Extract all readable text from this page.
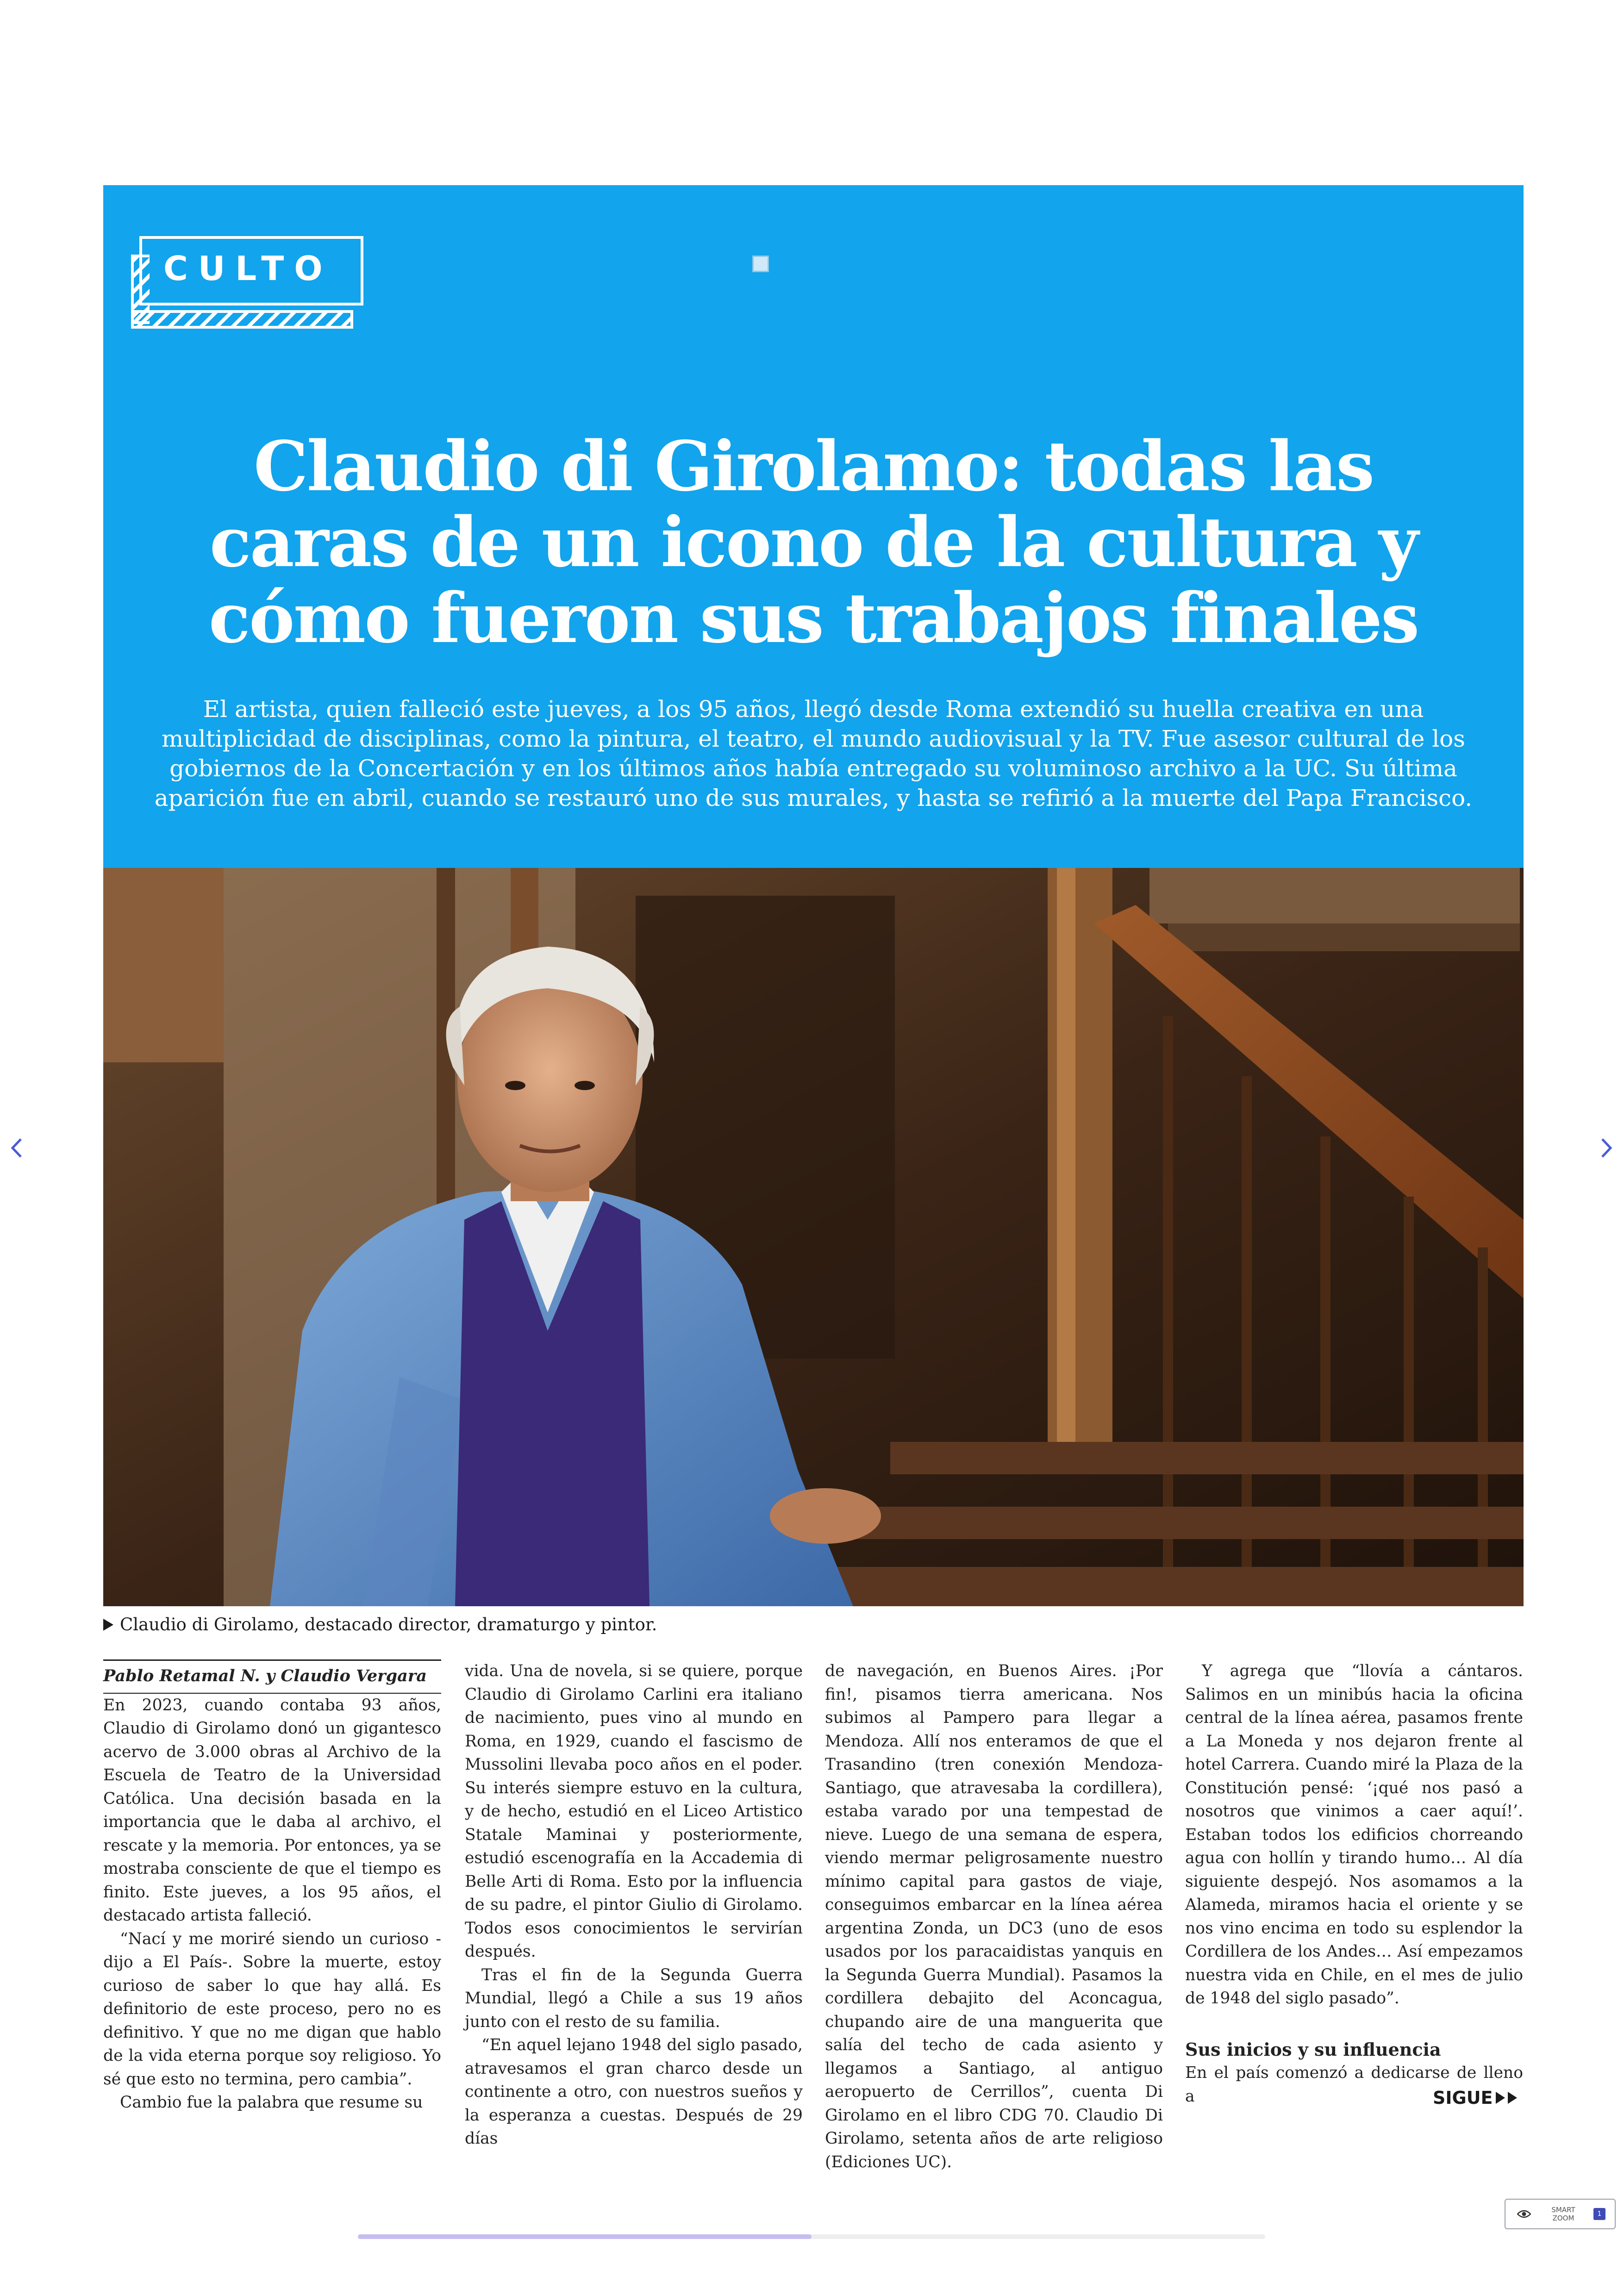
CULTO
Claudio di Girolamo: todas las caras de un icono de la cultura y cómo fueron sus trabajos finales

El artista, quien falleció este jueves, a los 95 años, llegó desde Roma extendió su huella creativa en una multiplicidad de disciplinas, como la pintura, el teatro, el mundo audiovisual y la TV. Fue asesor cultural de los gobiernos de la Concertación y en los últimos años había entregado su voluminoso archivo a la UC. Su última aparición fue en abril, cuando se restauró uno de sus murales, y hasta se refirió a la muerte del Papa Francisco.

Claudio di Girolamo, destacado director, dramaturgo y pintor.

Pablo Retamal N. y Claudio Vergara

En 2023, cuando contaba 93 años, Claudio di Girolamo donó un gigantesco acervo de 3.000 obras al Archivo de la Escuela de Teatro de la Universidad Católica. Una decisión basada en la importancia que le daba al archivo, el rescate y la memoria. Por entonces, ya se mostraba consciente de que el tiempo es finito. Este jueves, a los 95 años, el destacado artista falleció.

“Nací y me moriré siendo un curioso -dijo a El País-. Sobre la muerte, estoy curioso de saber lo que hay allá. Es definitorio de este proceso, pero no es definitivo. Y que no me digan que hablo de la vida eterna porque soy religioso. Yo sé que esto no termina, pero cambia”.

Cambio fue la palabra que resume su

vida. Una de novela, si se quiere, porque Claudio di Girolamo Carlini era italiano de nacimiento, pues vino al mundo en Roma, en 1929, cuando el fascismo de Mussolini llevaba poco años en el poder. Su interés siempre estuvo en la cultura, y de hecho, estudió en el Liceo Artistico Statale Maminai y posteriormente, estudió escenografía en la Accademia di Belle Arti di Roma. Esto por la influencia de su padre, el pintor Giulio di Girolamo. Todos esos conocimientos le servirían después.

Tras el fin de la Segunda Guerra Mundial, llegó a Chile a sus 19 años junto con el resto de su familia.

“En aquel lejano 1948 del siglo pasado, atravesamos el gran charco desde un continente a otro, con nuestros sueños y la esperanza a cuestas. Después de 29 días

de navegación, en Buenos Aires. ¡Por fin!, pisamos tierra americana. Nos subimos al Pampero para llegar a Mendoza. Allí nos enteramos de que el Trasandino (tren conexión Mendoza-Santiago, que atravesaba la cordillera), estaba varado por una tempestad de nieve. Luego de una semana de espera, viendo mermar peligrosamente nuestro mínimo capital para gastos de viaje, conseguimos embarcar en la línea aérea argentina Zonda, un DC3 (uno de esos usados por los paracaidistas yanquis en la Segunda Guerra Mundial). Pasamos la cordillera debajito del Aconcagua, chupando aire de una manguerita que salía del techo de cada asiento y llegamos a Santiago, al antiguo aeropuerto de Cerrillos”, cuenta Di Girolamo en el libro CDG 70. Claudio Di Girolamo, setenta años de arte religioso (Ediciones UC).

Y agrega que “llovía a cántaros. Salimos en un minibús hacia la oficina central de la línea aérea, pasamos frente a La Moneda y nos dejaron frente al hotel Carrera. Cuando miré la Plaza de la Constitución pensé: ‘¡qué nos pasó a nosotros que vinimos a caer aquí!’. Estaban todos los edificios chorreando agua con hollín y tirando humo… Al día siguiente despejó. Nos asomamos a la Alameda, miramos hacia el oriente y se nos vino encima en todo su esplendor la Cordillera de los Andes… Así empezamos nuestra vida en Chile, en el mes de julio de 1948 del siglo pasado”.

Sus inicios y su influencia

En el país comenzó a dedicarse de lleno a	SIGUE
SMART
ZOOM	1
